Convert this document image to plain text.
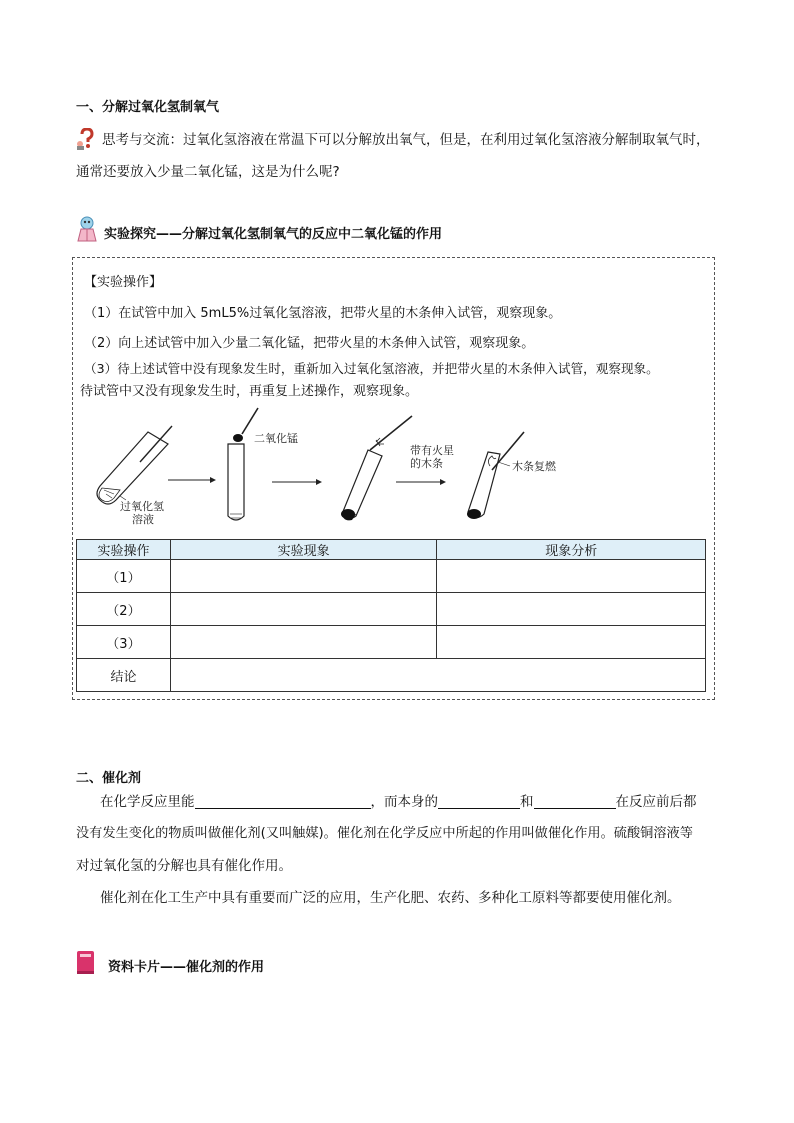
一、分解过氧化氢制氧气
思考与交流：过氧化氢溶液在常温下可以分解放出氧气，但是，在利用过氧化氢溶液分解制取氧气时，
通常还要放入少量二氧化锰，这是为什么呢?
实验探究——分解过氧化氢制氧气的反应中二氧化锰的作用
【实验操作】
（1）在试管中加入 5mL5%过氧化氢溶液，把带火星的木条伸入试管，观察现象。
（2）向上述试管中加入少量二氧化锰，把带火星的木条伸入试管，观察现象。
（3）待上述试管中没有现象发生时，重新加入过氧化氢溶液，并把带火星的木条伸入试管，观察现象。
待试管中又没有现象发生时，再重复上述操作，观察现象。
过氧化氢
溶液
二氧化锰
带有火星
的木条	木条复燃
实验操作	实验现象	现象分析
（1）		
（2）		
（3）		
结论		
二、催化剂
在化学反应里能	，而本身的	和	在反应前后都
没有发生变化的物质叫做催化剂(又叫触媒)。催化剂在化学反应中所起的作用叫做催化作用。硫酸铜溶液等
对过氧化氢的分解也具有催化作用。
催化剂在化工生产中具有重要而广泛的应用，生产化肥、农药、多种化工原料等都要使用催化剂。
资料卡片——催化剂的作用
